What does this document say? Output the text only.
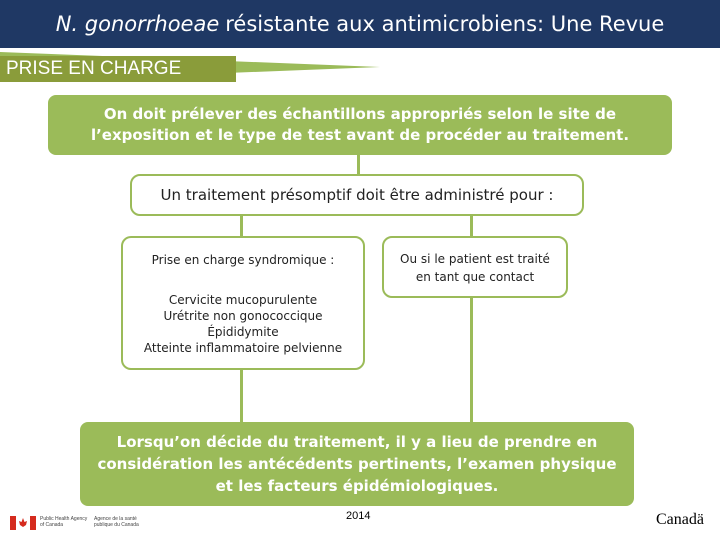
N. gonorrhoeae résistante aux antimicrobiens: Une Revue
PRISE EN CHARGE
On doit prélever des échantillons appropriés selon le site de l’exposition et le type de test avant de procéder au traitement.
Un traitement présomptif doit être administré pour :
Prise en charge syndromique :
Cervicite mucopurulente
Urétrite non gonococcique
Épididymite
Atteinte inflammatoire pelvienne
Ou si le patient est traité en tant que contact
Lorsqu’on décide du traitement, il y a lieu de prendre en considération les antécédents pertinents, l’examen physique et les facteurs épidémiologiques.
Public Health Agency of Canada
Agence de la santé publique du Canada
2014	Canadä
